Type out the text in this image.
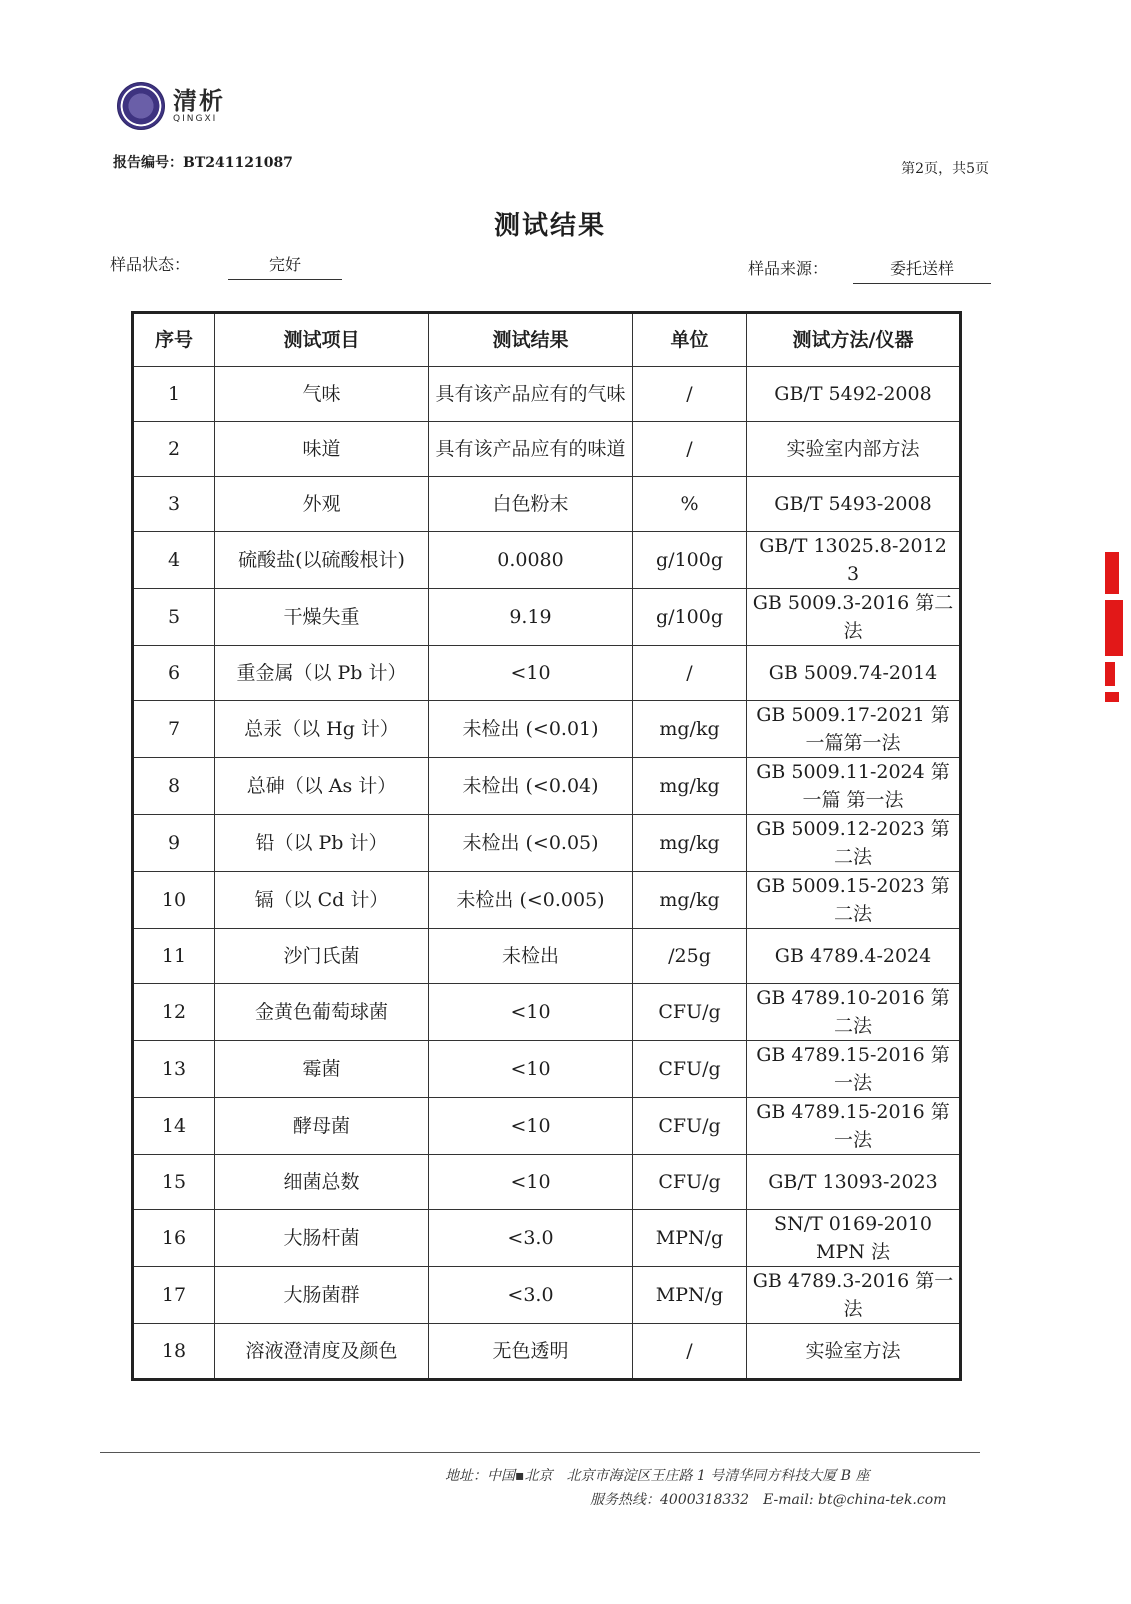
清析
QINGXI
报告编号：BT241121087	第2页，共5页
测试结果
样品状态：	完好	样品来源：	委托送样
序号	测试项目	测试结果	单位	测试方法/仪器
1	气味	具有该产品应有的气味	/	GB/T 5492-2008
2	味道	具有该产品应有的味道	/	实验室内部方法
3	外观	白色粉末	%	GB/T 5493-2008
4	硫酸盐(以硫酸根计)	0.0080	g/100g	GB/T 13025.8-2012 3
5	干燥失重	9.19	g/100g	GB 5009.3-2016 第二法
6	重金属（以 Pb 计）	<10	/	GB 5009.74-2014
7	总汞（以 Hg 计）	未检出 (<0.01)	mg/kg	GB 5009.17-2021 第一篇第一法
8	总砷（以 As 计）	未检出 (<0.04)	mg/kg	GB 5009.11-2024 第一篇 第一法
9	铅（以 Pb 计）	未检出 (<0.05)	mg/kg	GB 5009.12-2023 第二法
10	镉（以 Cd 计）	未检出 (<0.005)	mg/kg	GB 5009.15-2023 第二法
11	沙门氏菌	未检出	/25g	GB 4789.4-2024
12	金黄色葡萄球菌	<10	CFU/g	GB 4789.10-2016 第二法
13	霉菌	<10	CFU/g	GB 4789.15-2016 第一法
14	酵母菌	<10	CFU/g	GB 4789.15-2016 第一法
15	细菌总数	<10	CFU/g	GB/T 13093-2023
16	大肠杆菌	<3.0	MPN/g	SN/T 0169-2010 MPN 法
17	大肠菌群	<3.0	MPN/g	GB 4789.3-2016 第一法
18	溶液澄清度及颜色	无色透明	/	实验室方法
地址：中国▪北京　北京市海淀区王庄路 1 号清华同方科技大厦 B 座
服务热线：4000318332　E-mail: bt@china-tek.com
